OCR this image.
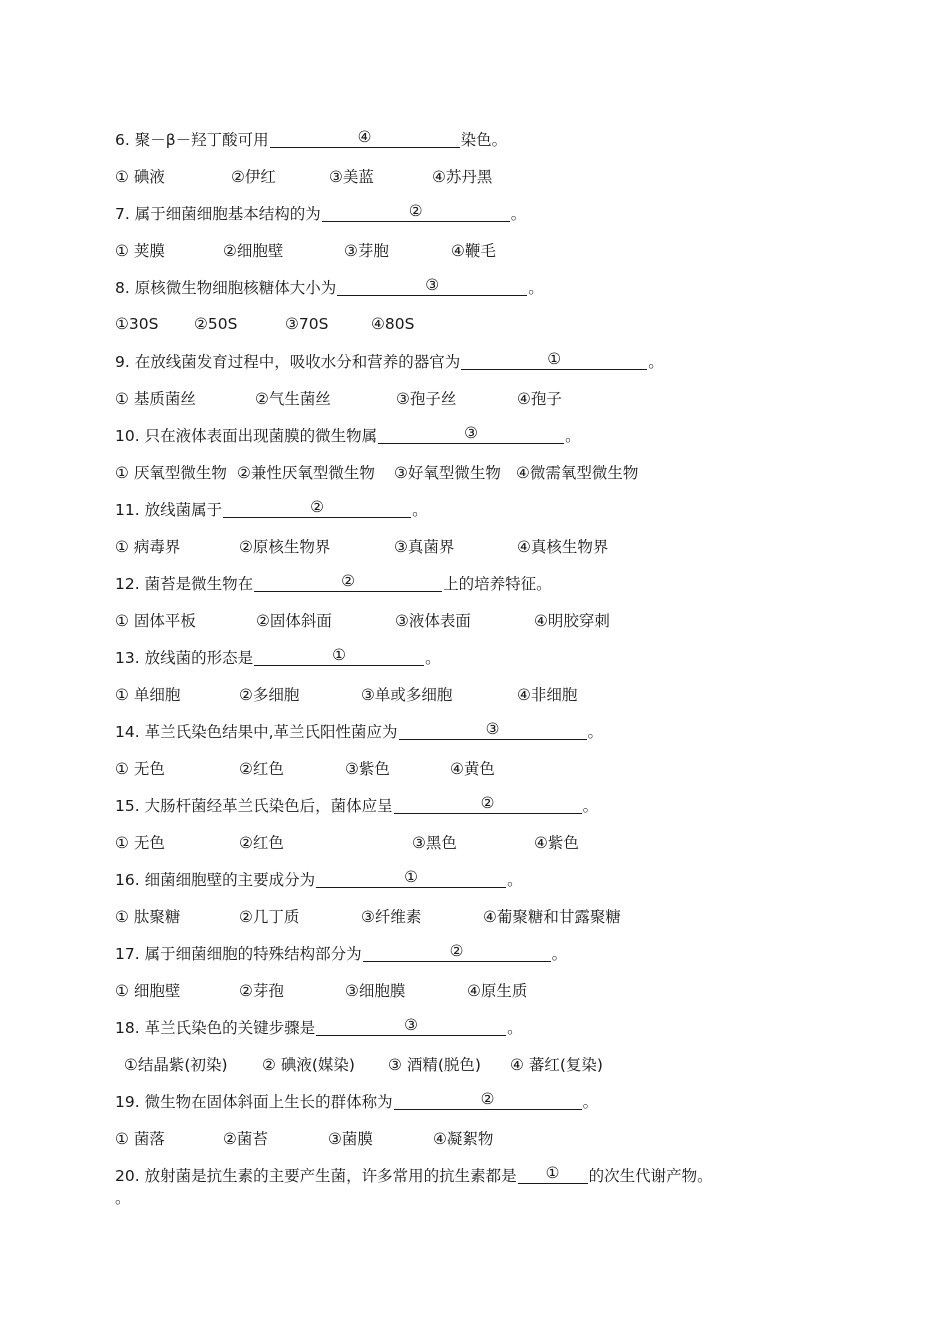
6. 聚－β－羟丁酸可用	④	染色。
① 碘液	②伊红	③美蓝	④苏丹黑
7. 属于细菌细胞基本结构的为	②	。
① 荚膜	②细胞壁	③芽胞	④鞭毛
8. 原核微生物细胞核糖体大小为	③	。
①30S	②50S	③70S	④80S
9. 在放线菌发育过程中，吸收水分和营养的器官为	①	。
① 基质菌丝	②气生菌丝	③孢子丝	④孢子
10. 只在液体表面出现菌膜的微生物属	③	。
① 厌氧型微生物 ②兼性厌氧型微生物	③好氧型微生物 ④微需氧型微生物
11. 放线菌属于	②	。
① 病毒界	②原核生物界	③真菌界	④真核生物界
12. 菌苔是微生物在	②	上的培养特征。
① 固体平板	②固体斜面	③液体表面	④明胶穿刺
13. 放线菌的形态是	①	。
① 单细胞	②多细胞	③单或多细胞	④非细胞
14. 革兰氏染色结果中,革兰氏阳性菌应为	③	。
① 无色	②红色	③紫色	④黄色
15. 大肠杆菌经革兰氏染色后，菌体应呈	②	。
① 无色	②红色	③黑色	④紫色
16. 细菌细胞壁的主要成分为	①	。
① 肽聚糖	②几丁质	③纤维素	④葡聚糖和甘露聚糖
17. 属于细菌细胞的特殊结构部分为	②	。
① 细胞壁	②芽孢	③细胞膜	④原生质
18. 革兰氏染色的关键步骤是	③	。
①结晶紫(初染)	② 碘液(媒染)	③ 酒精(脱色)	④ 蕃红(复染)
19. 微生物在固体斜面上生长的群体称为	②	。
① 菌落	②菌苔	③菌膜	④凝絮物
20. 放射菌是抗生素的主要产生菌，许多常用的抗生素都是	①	的次生代谢产物。
。
